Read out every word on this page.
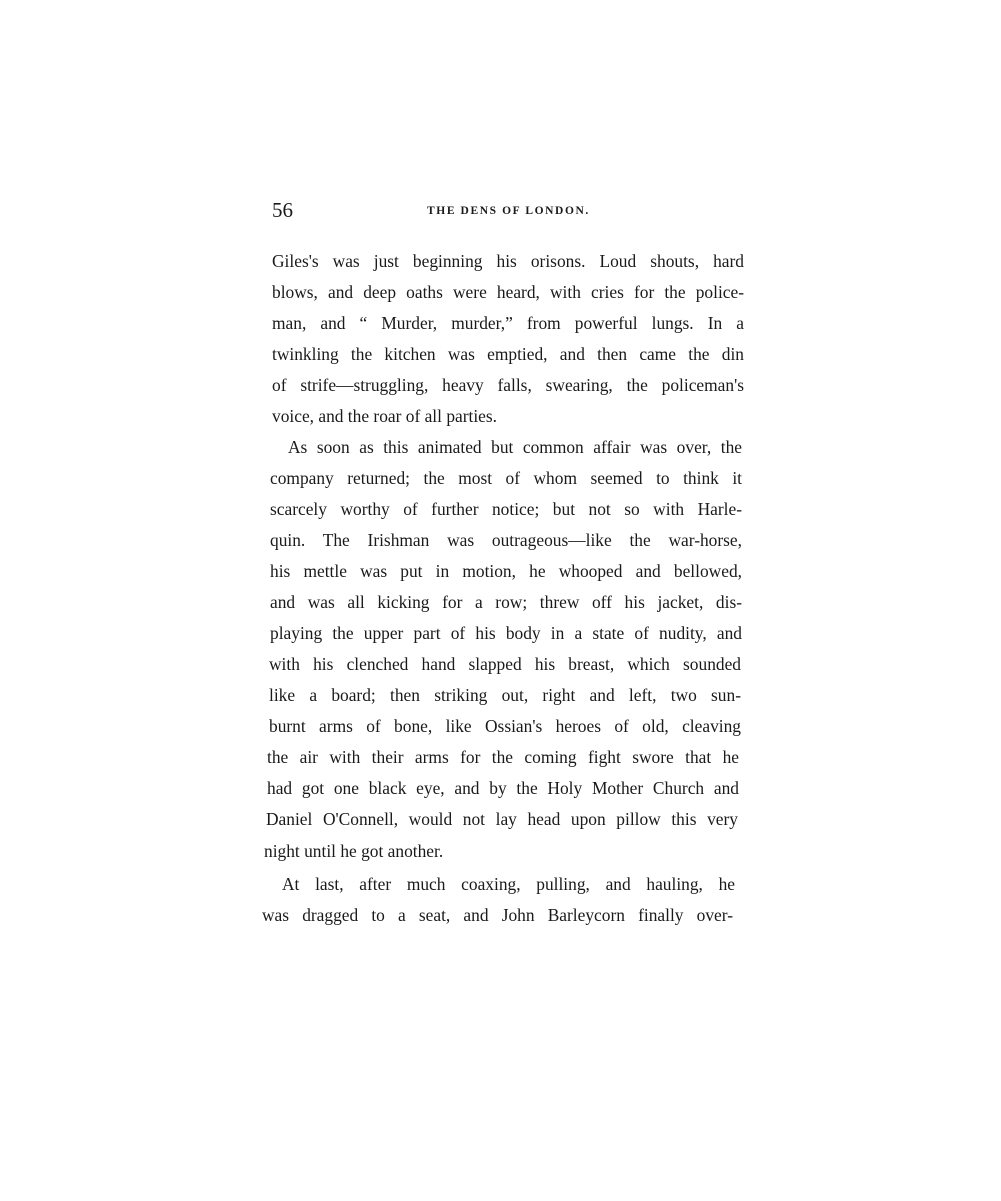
56	THE DENS OF LONDON.
Giles's was just beginning his orisons. Loud shouts, hard
blows, and deep oaths were heard, with cries for the police-
man, and “ Murder, murder,” from powerful lungs. In a
twinkling the kitchen was emptied, and then came the din
of strife—struggling, heavy falls, swearing, the policeman's
voice, and the roar of all parties.
As soon as this animated but common affair was over, the
company returned; the most of whom seemed to think it
scarcely worthy of further notice; but not so with Harle-
quin. The Irishman was outrageous—like the war-horse,
his mettle was put in motion, he whooped and bellowed,
and was all kicking for a row; threw off his jacket, dis-
playing the upper part of his body in a state of nudity, and
with his clenched hand slapped his breast, which sounded
like a board; then striking out, right and left, two sun-
burnt arms of bone, like Ossian's heroes of old, cleaving
the air with their arms for the coming fight swore that he
had got one black eye, and by the Holy Mother Church and
Daniel O'Connell, would not lay head upon pillow this very
night until he got another.
At last, after much coaxing, pulling, and hauling, he
was dragged to a seat, and John Barleycorn finally over-
